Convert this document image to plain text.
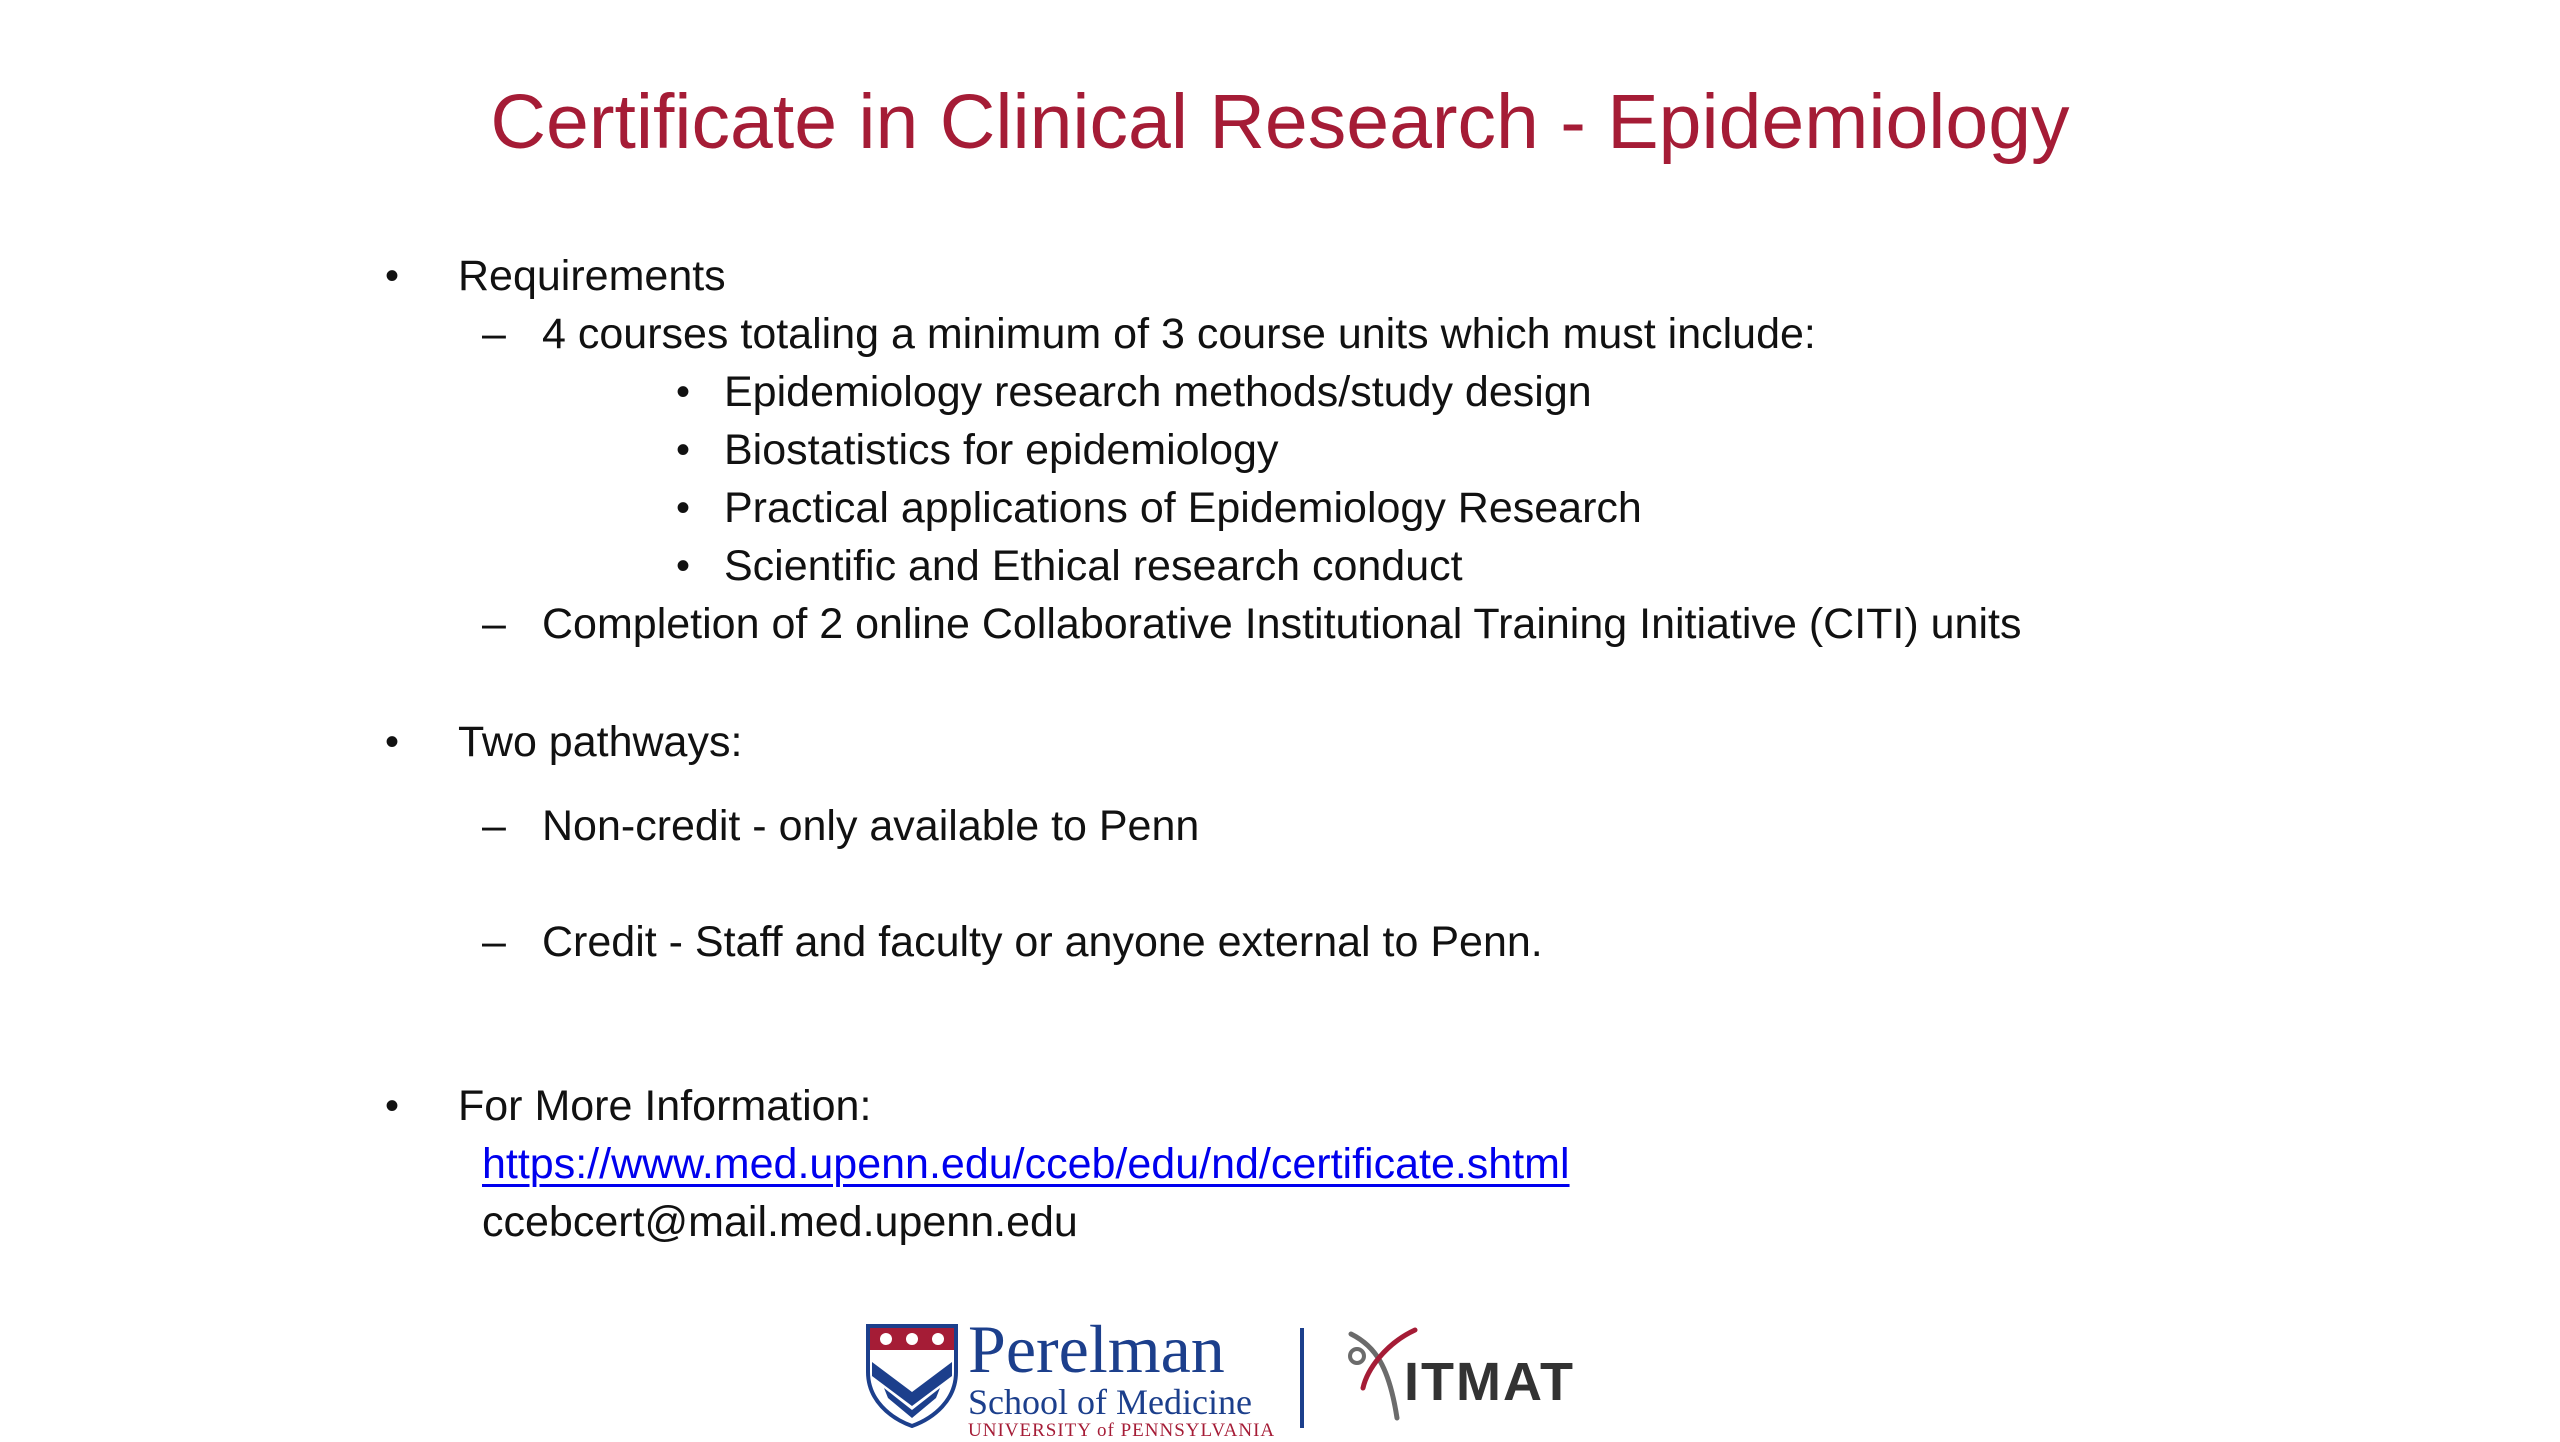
Certificate in Clinical Research - Epidemiology
• Requirements
– 4 courses totaling a minimum of 3 course units which must include:
• Epidemiology research methods/study design
• Biostatistics for epidemiology
• Practical applications of Epidemiology Research
• Scientific and Ethical research conduct
– Completion of 2 online Collaborative Institutional Training Initiative (CITI) units
• Two pathways:
– Non-credit - only available to Penn
– Credit - Staff and faculty or anyone external to Penn.
• For More Information:
https://www.med.upenn.edu/cceb/edu/nd/certificate.shtml
ccebcert@mail.med.upenn.edu
Perelman
School of Medicine
UNIVERSITY of PENNSYLVANIA
ITMAT
